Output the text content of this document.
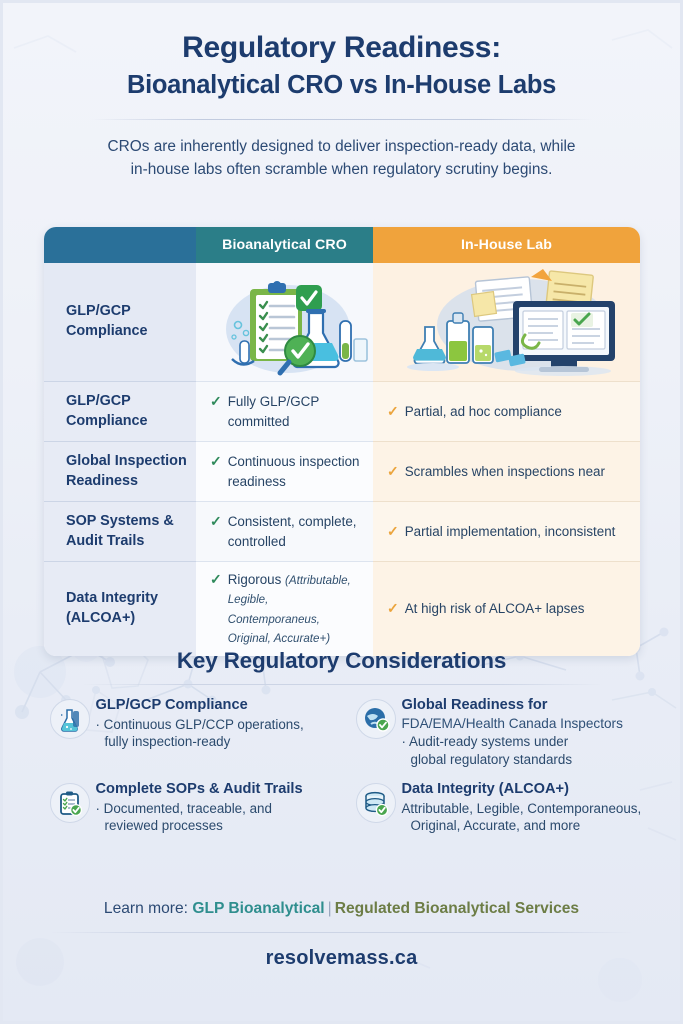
Regulatory Readiness:
Bioanalytical CRO vs In-House Labs
CROs are inherently designed to deliver inspection-ready data, while
in-house labs often scramble when regulatory scrutiny begins.
Bioanalytical CRO	In-House Lab
GLP/GCP
Compliance
GLP/GCP
Compliance
✓ Fully GLP/GCP committed
✓ Partial, ad hoc compliance
Global Inspection
Readiness
✓ Continuous inspection readiness
✓ Scrambles when inspections near
SOP Systems &
Audit Trails
✓ Consistent, complete, controlled
✓ Partial implementation, inconsistent
Data Integrity
(ALCOA+)
✓ Rigorous (Attributable, Legible, Contemporaneus, Original, Accurate+)
✓ At high risk of ALCOA+ lapses
Key Regulatory Considerations
GLP/GCP Compliance
· Continuous GLP/CCP operations,
fully inspection-ready
Global Readiness for
FDA/EMA/Health Canada Inspectors
· Audit-ready systems under
global regulatory standards
Complete SOPs & Audit Trails
· Documented, traceable, and
reviewed processes
Data Integrity (ALCOA+)
Attributable, Legible, Contemporaneous,
Original, Accurate, and more
Learn more: GLP Bioanalytical | Regulated Bioanalytical Services
resolvemass.ca
